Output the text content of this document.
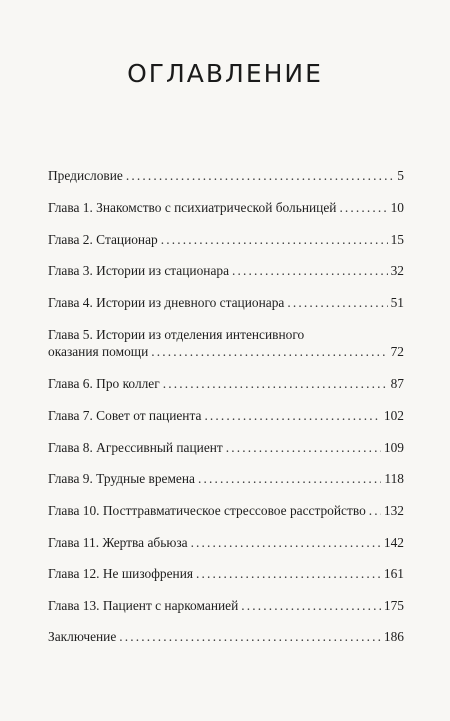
ОГЛАВЛЕНИЕ
Предисловие . . .	5
Глава 1. Знакомство с психиатрической больницей . . .	10
Глава 2. Стационар . . .	15
Глава 3. Истории из стационара . . .	32
Глава 4. Истории из дневного стационара . . .	51
Глава 5. Истории из отделения интенсивного
оказания помощи . . .	72
Глава 6. Про коллег . . .	87
Глава 7. Совет от пациента . . .	102
Глава 8. Агрессивный пациент . . .	109
Глава 9. Трудные времена . . .	118
Глава 10. Посттравматическое стрессовое расстройство . . . 132
Глава 11. Жертва абьюза . . .	142
Глава 12. Не шизофрения . . .	161
Глава 13. Пациент с наркоманией . . .	175
Заключение . . .	186
